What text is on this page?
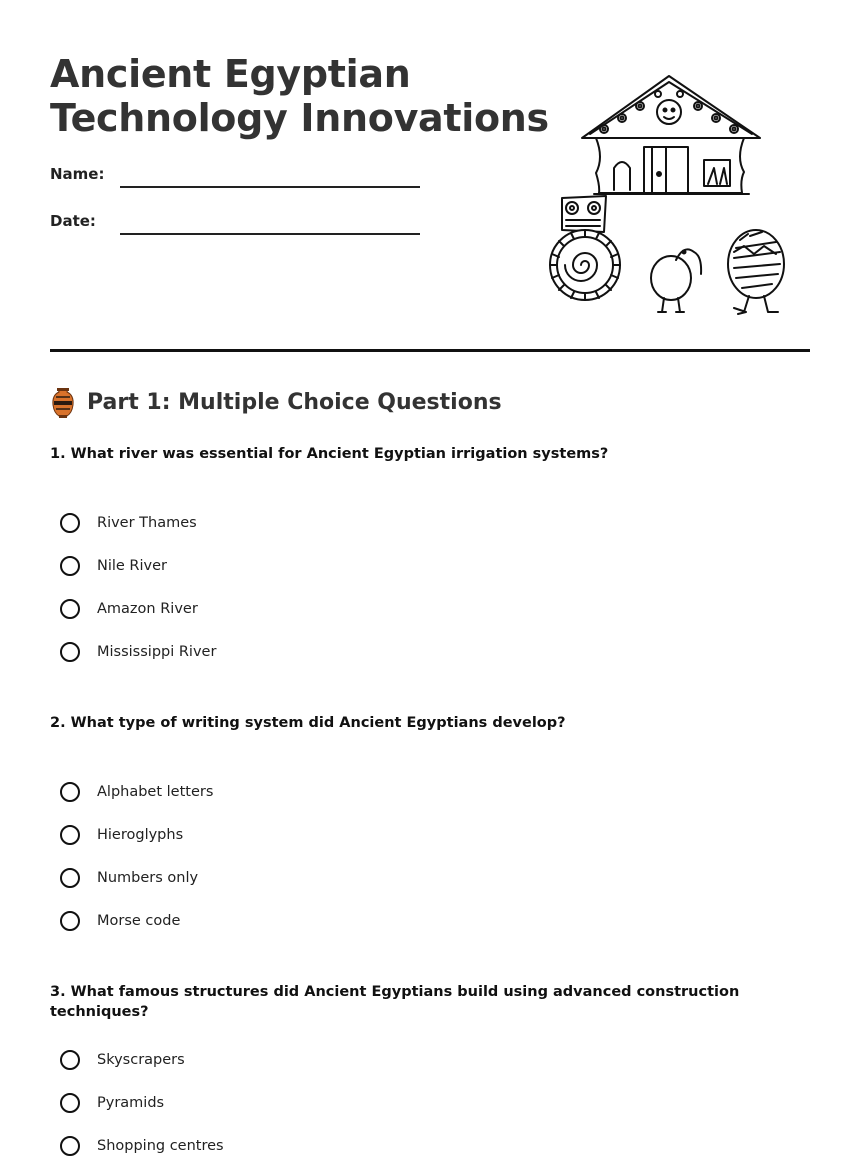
Ancient Egyptian
Technology Innovations
Name:
Date:
Part 1: Multiple Choice Questions

1. What river was essential for Ancient Egyptian irrigation systems?

River Thames
Nile River
Amazon River
Mississippi River

2. What type of writing system did Ancient Egyptians develop?

Alphabet letters
Hieroglyphs
Numbers only
Morse code

3. What famous structures did Ancient Egyptians build using advanced construction techniques?

Skyscrapers
Pyramids
Shopping centres
